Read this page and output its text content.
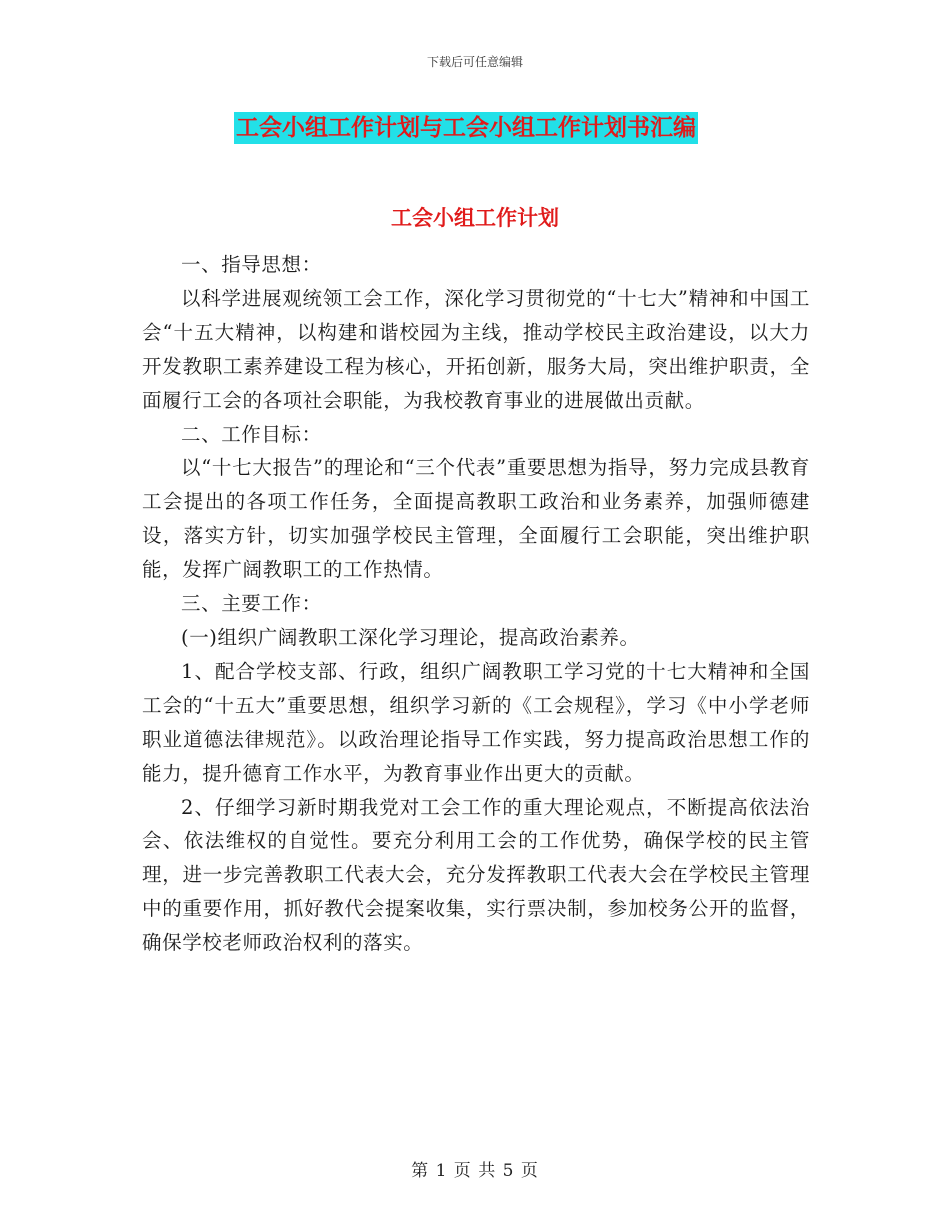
下载后可任意编辑
工会小组工作计划与工会小组工作计划书汇编
工会小组工作计划

一、指导思想：

以科学进展观统领工会工作，深化学习贯彻党的“十七大”精神和中国工会“十五大精神，以构建和谐校园为主线，推动学校民主政治建设，以大力开发教职工素养建设工程为核心，开拓创新，服务大局，突出维护职责，全面履行工会的各项社会职能，为我校教育事业的进展做出贡献。

二、工作目标：

以“十七大报告”的理论和“三个代表”重要思想为指导，努力完成县教育工会提出的各项工作任务，全面提高教职工政治和业务素养，加强师德建设，落实方针，切实加强学校民主管理，全面履行工会职能，突出维护职能，发挥广阔教职工的工作热情。

三、主要工作：

(一)组织广阔教职工深化学习理论，提高政治素养。

1、配合学校支部、行政，组织广阔教职工学习党的十七大精神和全国工会的“十五大”重要思想，组织学习新的《工会规程》，学习《中小学老师职业道德法律规范》。以政治理论指导工作实践，努力提高政治思想工作的能力，提升德育工作水平，为教育事业作出更大的贡献。

2、仔细学习新时期我党对工会工作的重大理论观点，不断提高依法治会、依法维权的自觉性。要充分利用工会的工作优势，确保学校的民主管理，进一步完善教职工代表大会，充分发挥教职工代表大会在学校民主管理中的重要作用，抓好教代会提案收集，实行票决制，参加校务公开的监督，确保学校老师政治权利的落实。

第 1 页 共 5 页
